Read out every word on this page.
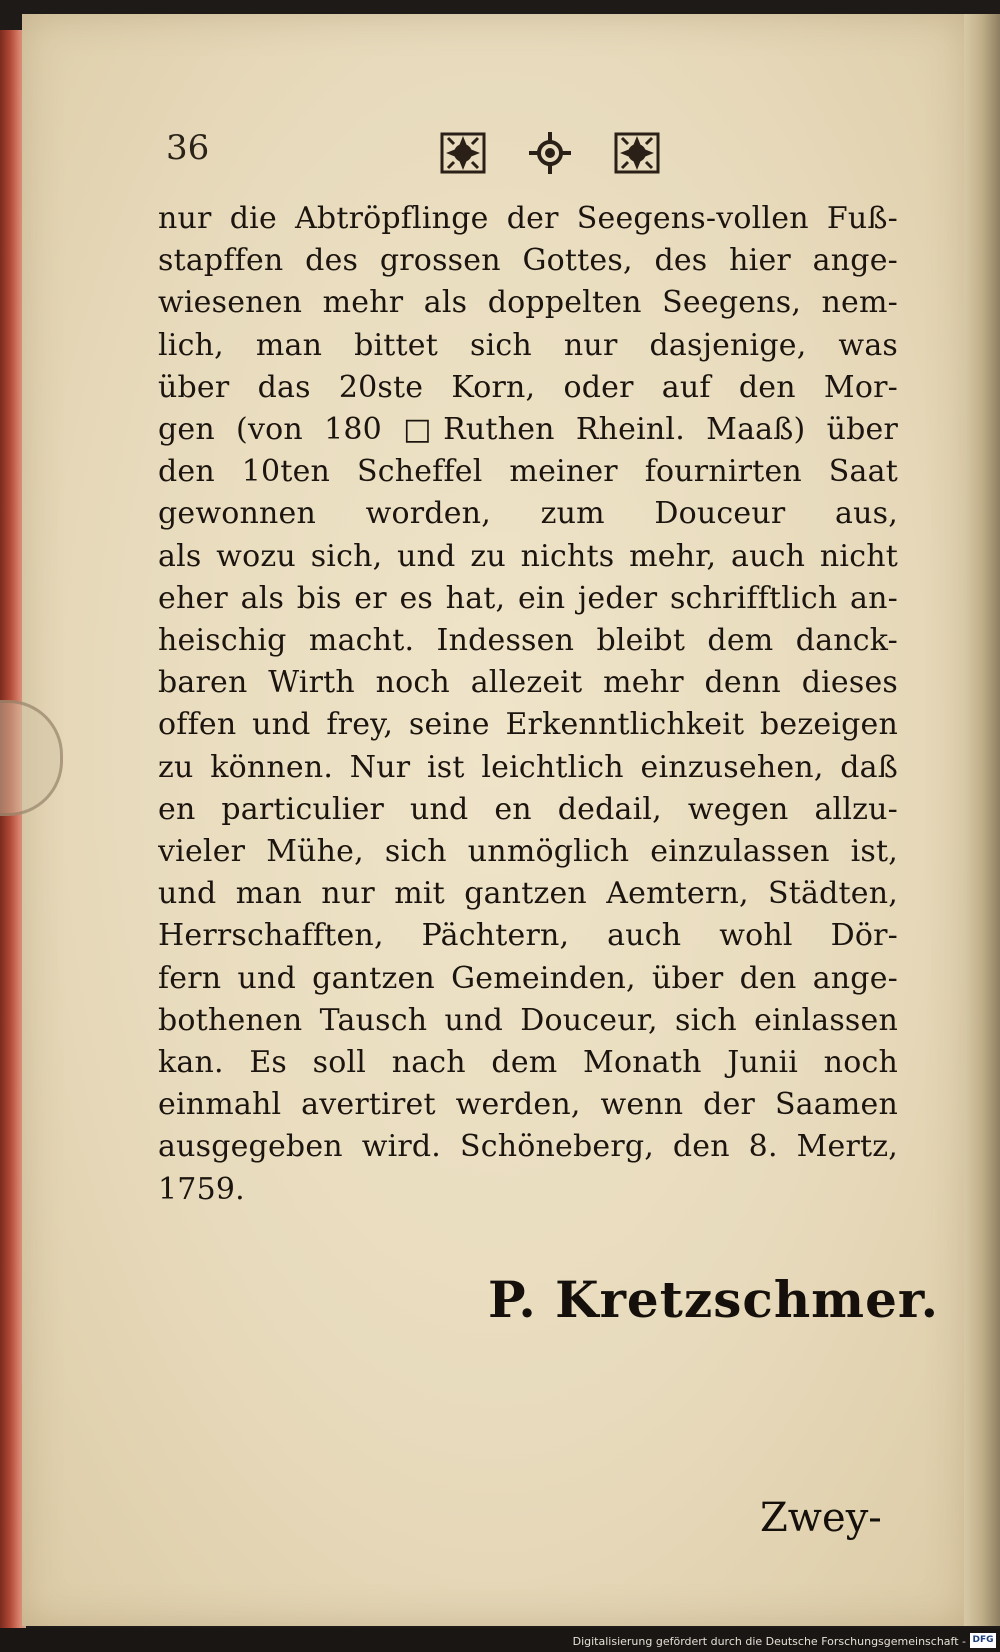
36
nur die Abtröpflinge der Seegens-vollen Fuß-
stapffen des grossen Gottes, des hier ange-
wiesenen mehr als doppelten Seegens, nem-
lich, man bittet sich nur dasjenige, was
über das 20ste Korn, oder auf den Mor-
gen (von 180 □Ruthen Rheinl. Maaß) über
den 10ten Scheffel meiner fournirten Saat
gewonnen worden, zum Douceur aus,
als wozu sich, und zu nichts mehr, auch nicht
eher als bis er es hat, ein jeder schrifftlich an-
heischig macht. Indessen bleibt dem danck-
baren Wirth noch allezeit mehr denn dieses
offen und frey, seine Erkenntlichkeit bezeigen
zu können. Nur ist leichtlich einzusehen, daß
en particulier und en dedail, wegen allzu-
vieler Mühe, sich unmöglich einzulassen ist,
und man nur mit gantzen Aemtern, Städten,
Herrschafften, Pächtern, auch wohl Dör-
fern und gantzen Gemeinden, über den ange-
bothenen Tausch und Douceur, sich einlassen
kan. Es soll nach dem Monath Junii noch
einmahl avertiret werden, wenn der Saamen
ausgegeben wird. Schöneberg, den 8. Mertz,
1759.
P. Kretzschmer.
Zwey-
Digitalisierung gefördert durch die Deutsche Forschungsgemeinschaft - DFG
